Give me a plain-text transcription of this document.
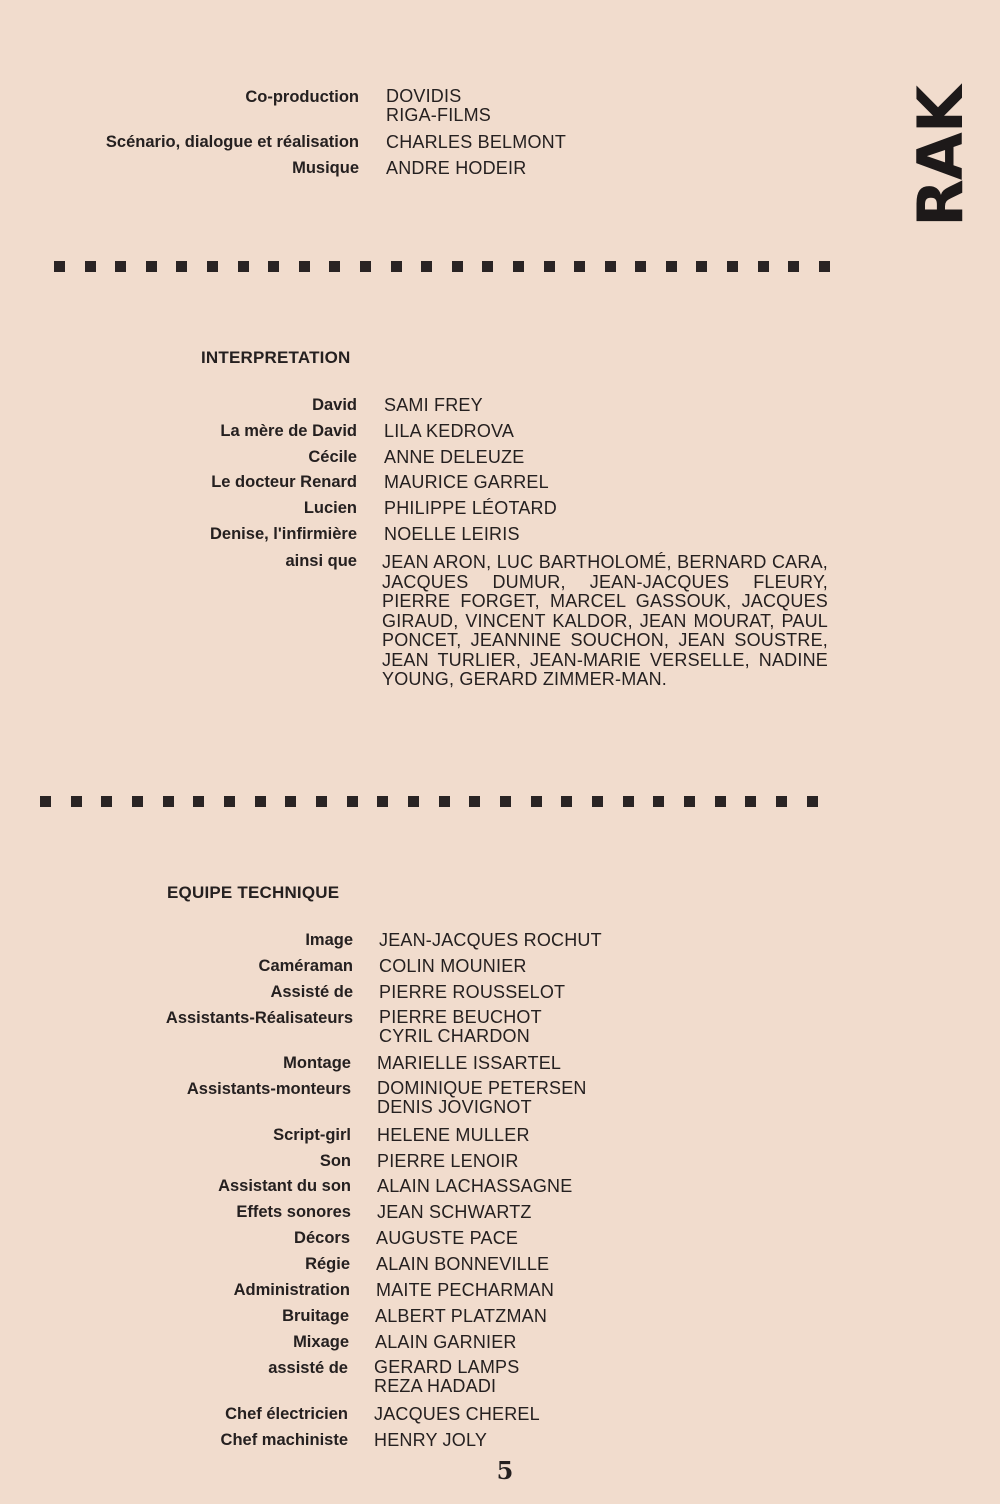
RAK
Co-production DOVIDIS
RIGA-FILMS
Scénario, dialogue et réalisation CHARLES BELMONT
Musique ANDRE HODEIR
INTERPRETATION
David SAMI FREY
La mère de David LILA KEDROVA
Cécile ANNE DELEUZE
Le docteur Renard MAURICE GARREL
Lucien PHILIPPE LÉOTARD
Denise, l'infirmière NOELLE LEIRIS
ainsi que JEAN ARON, LUC BARTHOLOMÉ, BERNARD CARA, JACQUES DUMUR, JEAN-JACQUES FLEURY, PIERRE FORGET, MARCEL GASSOUK, JACQUES GIRAUD, VINCENT KALDOR, JEAN MOURAT, PAUL PONCET, JEANNINE SOUCHON, JEAN SOUSTRE, JEAN TURLIER, JEAN-MARIE VERSELLE, NADINE YOUNG, GERARD ZIMMER-MAN.
EQUIPE TECHNIQUE
Image JEAN-JACQUES ROCHUT
Caméraman COLIN MOUNIER
Assisté de PIERRE ROUSSELOT
Assistants-Réalisateurs PIERRE BEUCHOT
CYRIL CHARDON
Montage MARIELLE ISSARTEL
Assistants-monteurs DOMINIQUE PETERSEN
DENIS JOVIGNOT
Script-girl HELENE MULLER
Son PIERRE LENOIR
Assistant du son ALAIN LACHASSAGNE
Effets sonores JEAN SCHWARTZ
Décors AUGUSTE PACE
Régie ALAIN BONNEVILLE
Administration MAITE PECHARMAN
Bruitage ALBERT PLATZMAN
Mixage ALAIN GARNIER
assisté de GERARD LAMPS
REZA HADADI
Chef électricien JACQUES CHEREL
Chef machiniste HENRY JOLY
5
